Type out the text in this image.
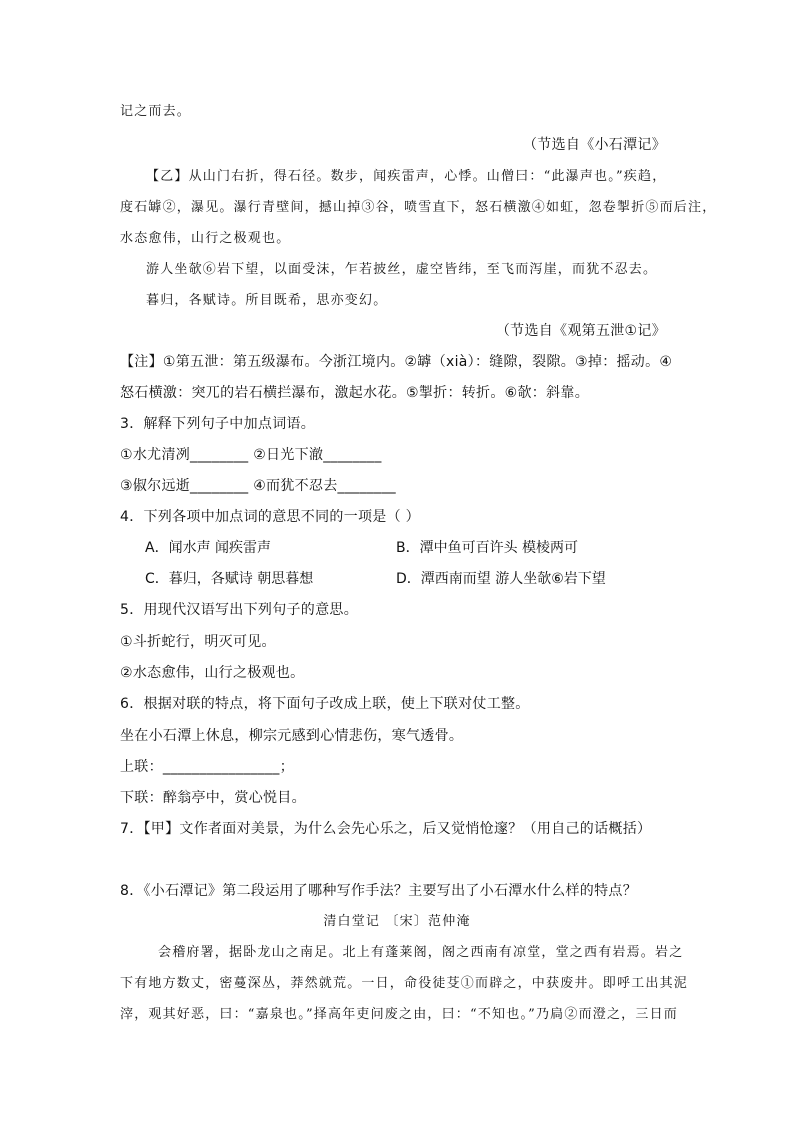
记之而去。
（节选自《小石潭记》
【乙】从山门右折，得石径。数步，闻疾雷声，心悸。山僧曰：“此瀑声也。”疾趋，
度石罅②，瀑见。瀑行青壁间，撼山掉③谷，喷雪直下，怒石横激④如虹，忽卷掣折⑤而后注，
水态愈伟，山行之极观也。
游人坐欹⑥岩下望，以面受沫，乍若披丝，虚空皆纬，至飞而泻崖，而犹不忍去。
暮归，各赋诗。所目既希，思亦变幻。
（节选自《观第五泄①记》
【注】①第五泄：第五级瀑布。今浙江境内。②罅（xià）：缝隙，裂隙。③掉：摇动。④
怒石横激：突兀的岩石横拦瀑布，激起水花。⑤掣折：转折。⑥欹：斜靠。
3．解释下列句子中加点词语。
①水尤清冽________ ②日光下澈________
③俶尔远逝________ ④而犹不忍去________
4．下列各项中加点词的意思不同的一项是（ ）
A．闻水声 闻疾雷声	B．潭中鱼可百许头 模棱两可
C．暮归，各赋诗 朝思暮想	D．潭西南而望 游人坐欹⑥岩下望
5．用现代汉语写出下列句子的意思。
①斗折蛇行，明灭可见。
②水态愈伟，山行之极观也。
6．根据对联的特点，将下面句子改成上联，使上下联对仗工整。
坐在小石潭上休息，柳宗元感到心情悲伤，寒气透骨。
上联：________________；
下联：醉翁亭中，赏心悦目。
7．【甲】文作者面对美景，为什么会先心乐之，后又觉悄怆邃？（用自己的话概括）
8．《小石潭记》第二段运用了哪种写作手法？主要写出了小石潭水什么样的特点？
清白堂记 〔宋〕范仲淹
会稽府署，据卧龙山之南足。北上有蓬莱阁，阁之西南有凉堂，堂之西有岩焉。岩之
下有地方数丈，密蔓深丛，莽然就荒。一日，命役徒芟①而辟之，中获废井。即呼工出其泥
滓，观其好恶，曰：“嘉泉也。”择高年吏问废之由，曰：“不知也。”乃扃②而澄之，三日而
